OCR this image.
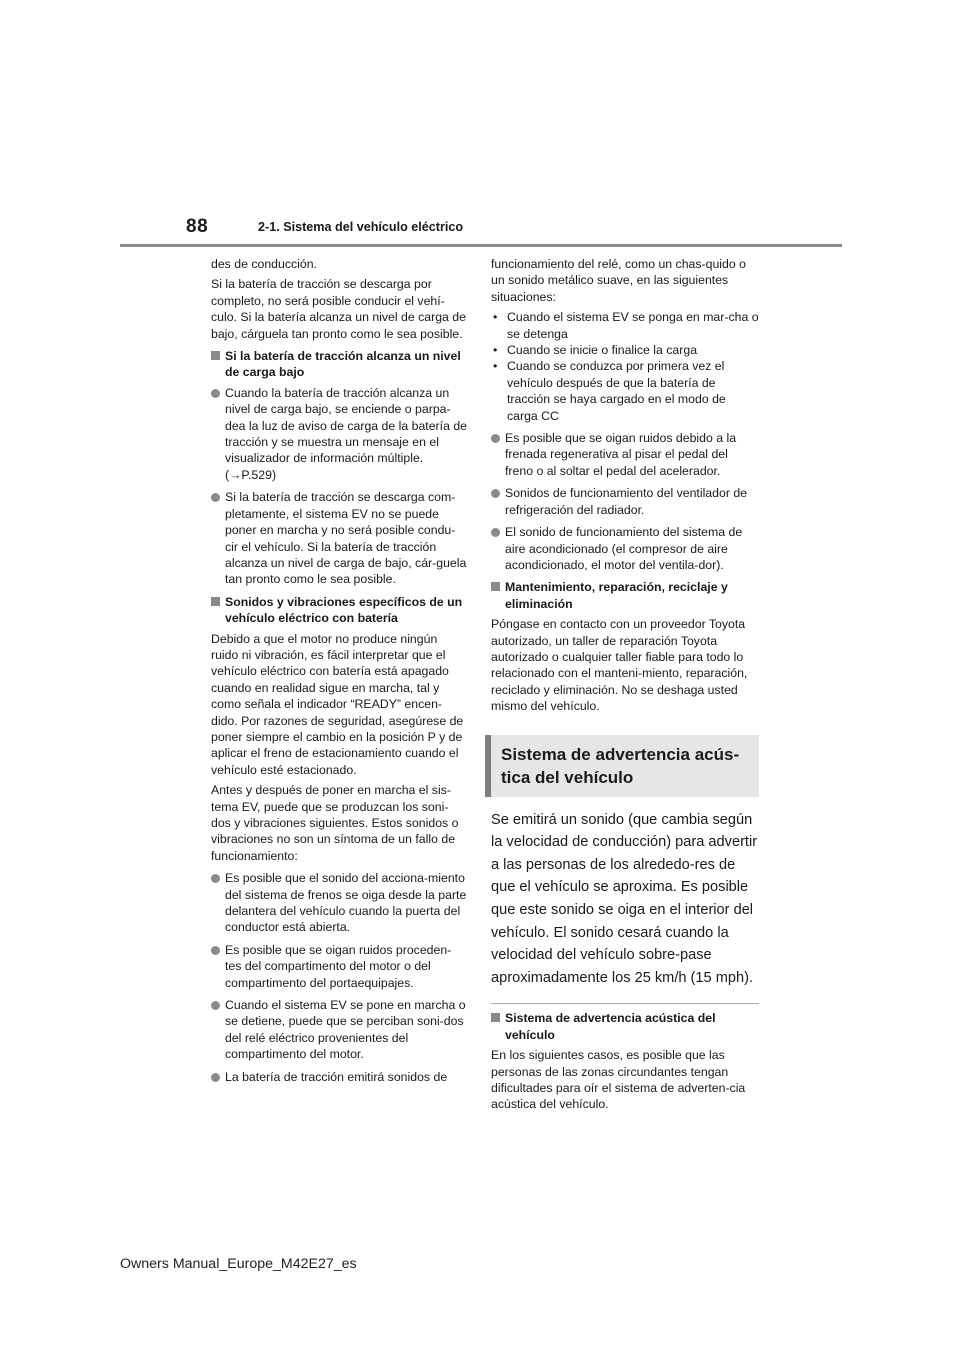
88	2-1. Sistema del vehículo eléctrico

des de conducción.

Si la batería de tracción se descarga por completo, no será posible conducir el vehí-culo. Si la batería alcanza un nivel de carga de bajo, cárguela tan pronto como le sea posible.

Si la batería de tracción alcanza un nivel de carga bajo
Cuando la batería de tracción alcanza un nivel de carga bajo, se enciende o parpa-dea la luz de aviso de carga de la batería de tracción y se muestra un mensaje en el visualizador de información múltiple. (→P.529)
Si la batería de tracción se descarga com-pletamente, el sistema EV no se puede poner en marcha y no será posible condu-cir el vehículo. Si la batería de tracción alcanza un nivel de carga de bajo, cár-guela tan pronto como le sea posible.
Sonidos y vibraciones específicos de un vehículo eléctrico con batería

Debido a que el motor no produce ningún ruido ni vibración, es fácil interpretar que el vehículo eléctrico con batería está apagado cuando en realidad sigue en marcha, tal y como señala el indicador “READY” encen-dido. Por razones de seguridad, asegúrese de poner siempre el cambio en la posición P y de aplicar el freno de estacionamiento cuando el vehículo esté estacionado.

Antes y después de poner en marcha el sis-tema EV, puede que se produzcan los soni-dos y vibraciones siguientes. Estos sonidos o vibraciones no son un síntoma de un fallo de funcionamiento:

Es posible que el sonido del acciona-miento del sistema de frenos se oiga desde la parte delantera del vehículo cuando la puerta del conductor está abierta.
Es posible que se oigan ruidos proceden-tes del compartimento del motor o del compartimento del portaequipajes.
Cuando el sistema EV se pone en marcha o se detiene, puede que se perciban soni-dos del relé eléctrico provenientes del compartimento del motor.
La batería de tracción emitirá sonidos de

funcionamiento del relé, como un chas-quido o un sonido metálico suave, en las siguientes situaciones:

• Cuando el sistema EV se ponga en mar-cha o se detenga
• Cuando se inicie o finalice la carga
• Cuando se conduzca por primera vez el vehículo después de que la batería de tracción se haya cargado en el modo de carga CC
Es posible que se oigan ruidos debido a la frenada regenerativa al pisar el pedal del freno o al soltar el pedal del acelerador.
Sonidos de funcionamiento del ventilador de refrigeración del radiador.
El sonido de funcionamiento del sistema de aire acondicionado (el compresor de aire acondicionado, el motor del ventila-dor).
Mantenimiento, reparación, reciclaje y eliminación

Póngase en contacto con un proveedor Toyota autorizado, un taller de reparación Toyota autorizado o cualquier taller fiable para todo lo relacionado con el manteni-miento, reparación, reciclado y eliminación. No se deshaga usted mismo del vehículo.

Sistema de advertencia acús-tica del vehículo

Se emitirá un sonido (que cambia según la velocidad de conducción) para advertir a las personas de los alrededo-res de que el vehículo se aproxima. Es posible que este sonido se oiga en el interior del vehículo. El sonido cesará cuando la velocidad del vehículo sobre-pase aproximadamente los 25 km/h (15 mph).

Sistema de advertencia acústica del vehículo

En los siguientes casos, es posible que las personas de las zonas circundantes tengan dificultades para oír el sistema de adverten-cia acústica del vehículo.

Owners Manual_Europe_M42E27_es
